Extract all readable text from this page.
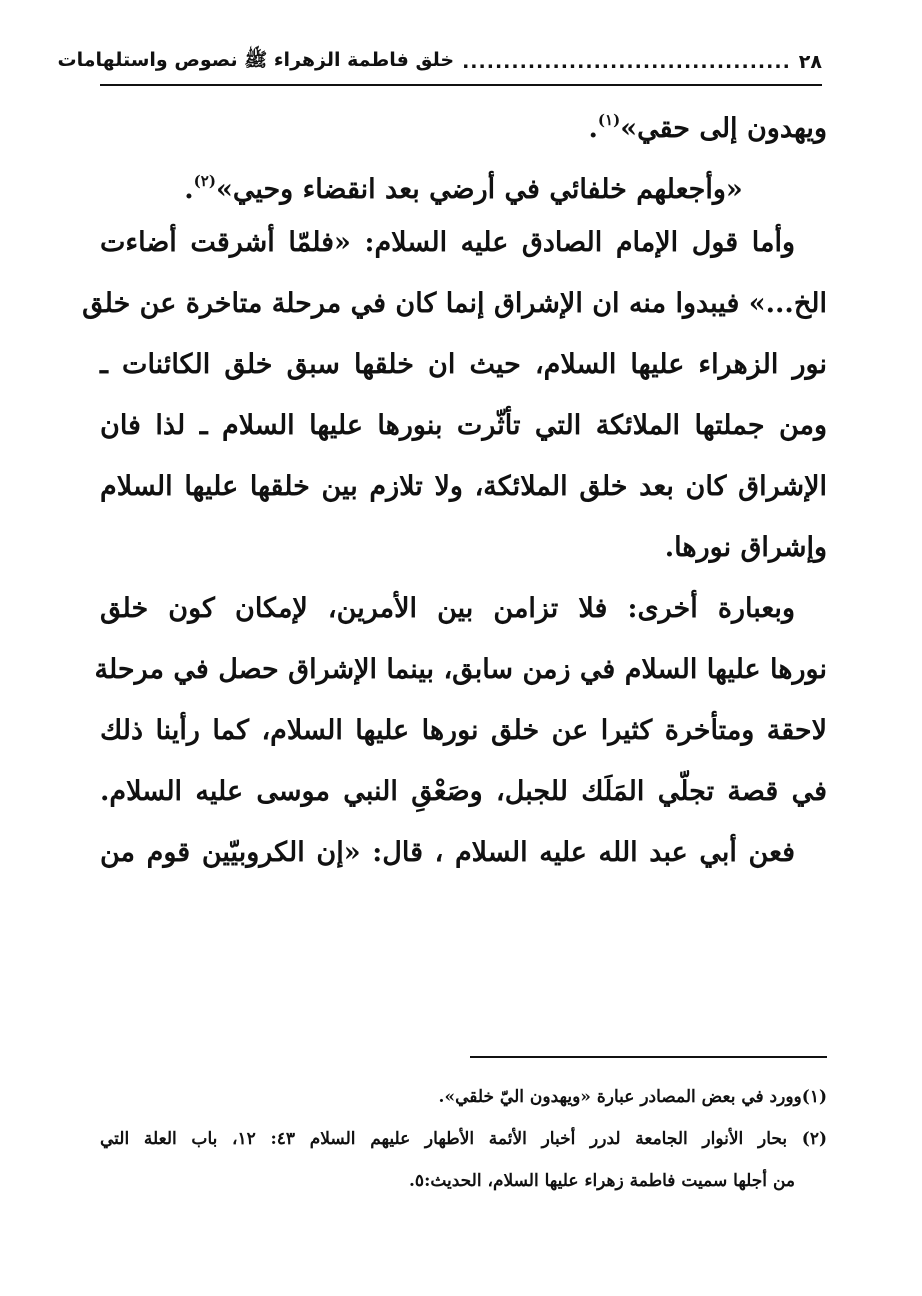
٢٨
........................................
خلق فاطمة الزهراء ﷺ نصوص واستلهامات
ويهدون إلى حقي»$^{(١)}$.
«وأجعلهم خلفائي في أرضي بعد انقضاء وحيي»$^{(٢)}$.
وأما قول الإمام الصادق عليه السلام: «فلمّا أشرقت أضاءت
الخ...» فيبدوا منه ان الإشراق إنما كان في مرحلة متاخرة عن خلق
نور الزهراء عليها السلام، حيث ان خلقها سبق خلق الكائنات ـ
ومن جملتها الملائكة التي تأثّرت بنورها عليها السلام ـ لذا فان
الإشراق كان بعد خلق الملائكة، ولا تلازم بين خلقها عليها السلام
وإشراق نورها.
وبعبارة أخرى: فلا تزامن بين الأمرين، لإمكان كون خلق
نورها عليها السلام في زمن سابق، بينما الإشراق حصل في مرحلة
لاحقة ومتأخرة كثيرا عن خلق نورها عليها السلام، كما رأينا ذلك
في قصة تجلّي المَلَك للجبل، وصَعْقِ النبي موسى عليه السلام.
فعن أبي عبد الله عليه السلام ، قال: «إن الكروبيّين قوم من
(١)وورد في بعض المصادر عبارة «ويهدون اليّ خلقي».
(٢) بحار الأنوار الجامعة لدرر أخبار الأئمة الأطهار عليهم السلام ٤٣: ١٢، باب العلة التي
من أجلها سميت فاطمة زهراء عليها السلام، الحديث:٥.
